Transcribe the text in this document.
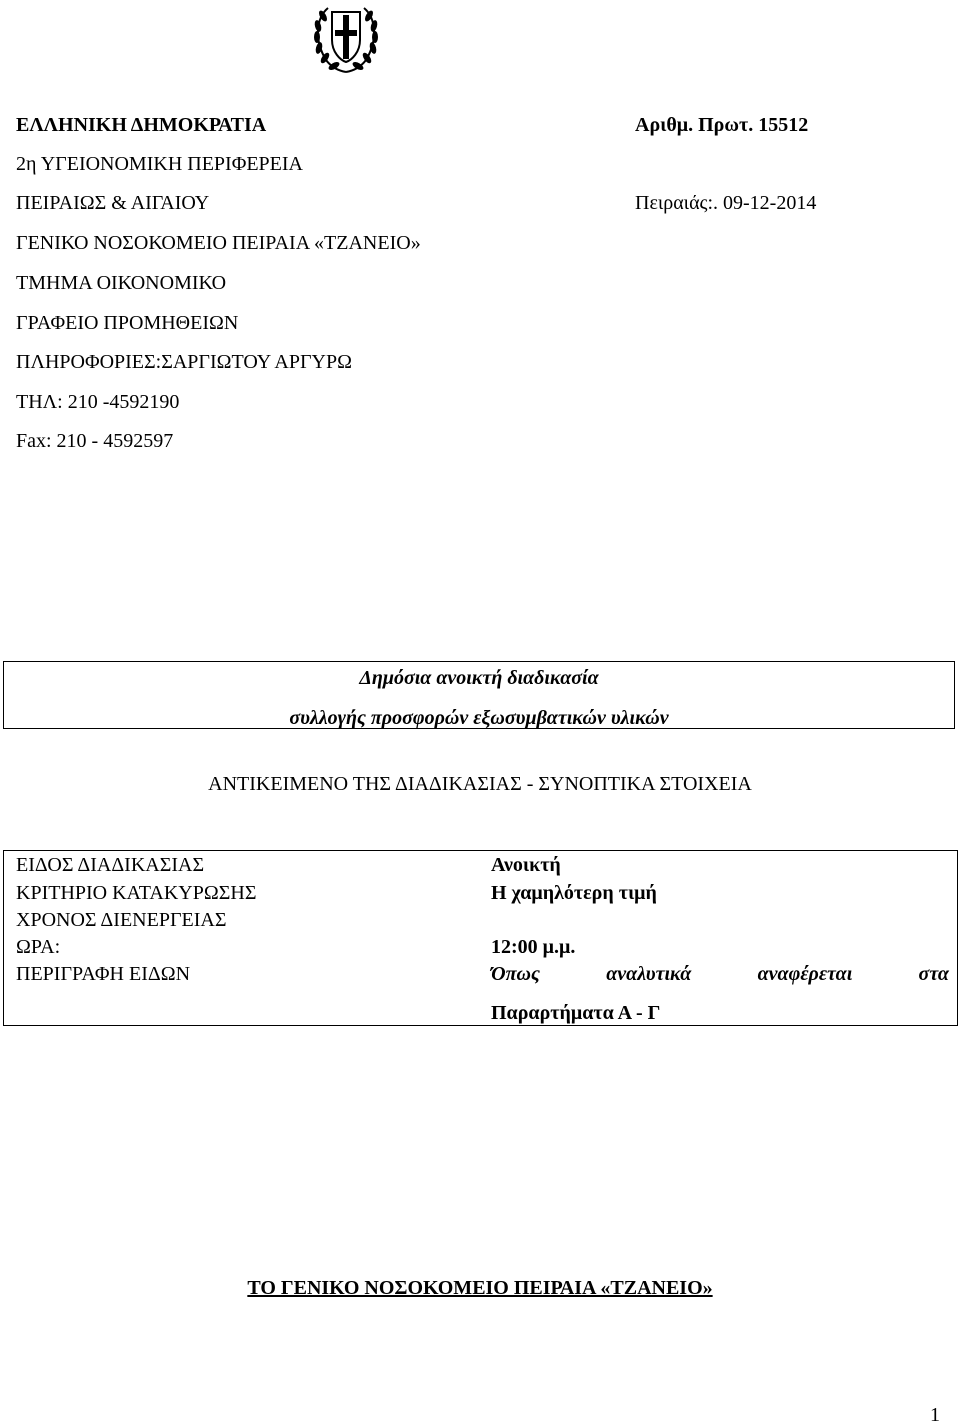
ΕΛΛΗΝΙΚΗ ΔΗΜΟΚΡΑΤΙΑ
2η ΥΓΕΙΟΝΟΜΙΚΗ ΠΕΡΙΦΕΡΕΙΑ
ΠΕΙΡΑΙΩΣ & ΑΙΓΑΙΟΥ
ΓΕΝΙΚΟ ΝΟΣΟΚΟΜΕΙΟ ΠΕΙΡΑΙΑ «ΤΖΑΝΕΙΟ»
ΤΜΗΜΑ ΟΙΚΟΝΟΜΙΚΟ
ΓΡΑΦΕΙΟ ΠΡΟΜΗΘΕΙΩΝ
ΠΛΗΡΟΦΟΡΙΕΣ:ΣΑΡΓΙΩΤΟΥ ΑΡΓΥΡΩ
ΤΗΛ: 210 -4592190
Fax: 210 - 4592597
Αριθμ. Πρωτ. 15512
Πειραιάς:. 09-12-2014
Δημόσια ανοικτή διαδικασία
συλλογής προσφορών εξωσυμβατικών υλικών
ΑΝΤΙΚΕΙΜΕΝΟ ΤΗΣ ΔΙΑΔΙΚΑΣΙΑΣ - ΣΥΝΟΠΤΙΚΑ ΣΤΟΙΧΕΙΑ
ΕΙΔΟΣ ΔΙΑΔΙΚΑΣΙΑΣ	Ανοικτή
ΚΡΙΤΗΡΙΟ ΚΑΤΑΚΥΡΩΣΗΣ	Η χαμηλότερη τιμή
ΧΡΟΝΟΣ ΔΙΕΝΕΡΓΕΙΑΣ
ΩΡΑ:	12:00 μ.μ.
ΠΕΡΙΓΡΑΦΗ ΕΙΔΩΝ	Όπως αναλυτικά αναφέρεται στα
Παραρτήματα Α - Γ
ΤΟ ΓΕΝΙΚΟ ΝΟΣΟΚΟΜΕΙΟ ΠΕΙΡΑΙΑ «ΤΖΑΝΕΙΟ»
1
